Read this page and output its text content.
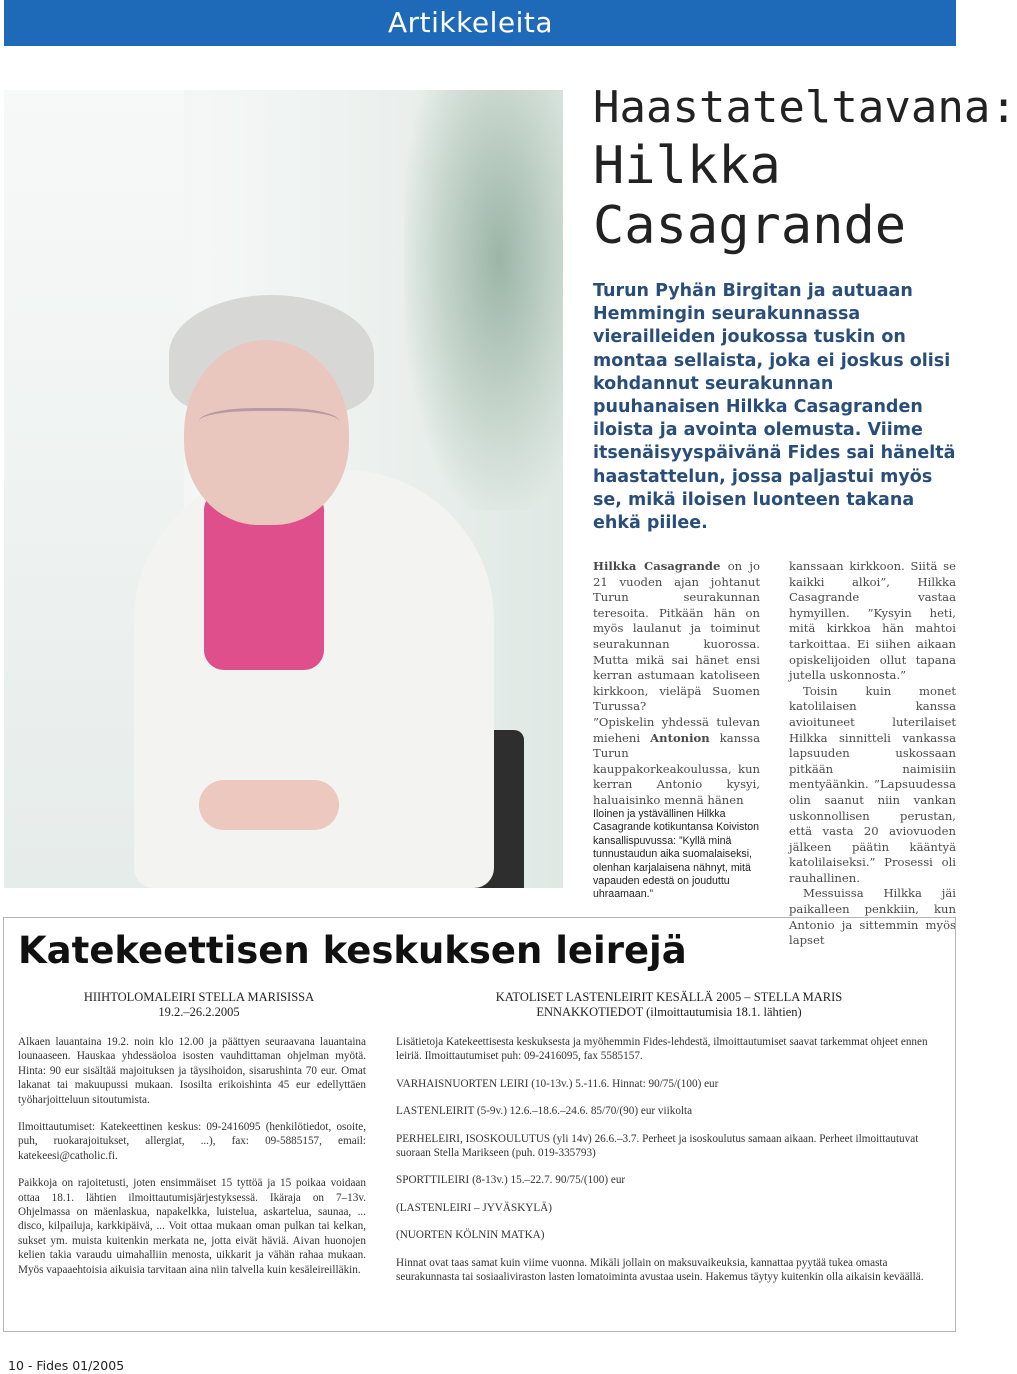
Artikkeleita
Haastateltavana:
Hilkka
Casagrande
Turun Pyhän Birgitan ja autuaan Hemmingin seurakunnassa vierailleiden joukossa tuskin on montaa sellaista, joka ei joskus olisi kohdannut seurakunnan puuhanaisen Hilkka Casagranden iloista ja avointa olemusta. Viime itsenäisyyspäivänä Fides sai häneltä haastattelun, jossa paljastui myös se, mikä iloisen luonteen takana ehkä piilee.

Hilkka Casagrande on jo 21 vuoden ajan johtanut Turun seurakunnan teresoita. Pitkään hän on myös laulanut ja toiminut seurakunnan kuorossa. Mutta mikä sai hänet ensi kerran astumaan katoliseen kirkkoon, vieläpä Suomen Turussa?

”Opiskelin yhdessä tulevan mieheni Antonion kanssa Turun kauppakorkeakoulussa, kun kerran Antonio kysyi, haluaisinko mennä hänen

Iloinen ja ystävällinen Hilkka Casagrande kotikuntansa Koiviston kansallispuvussa: ”Kyllä minä tunnustaudun aika suomalaiseksi, olenhan karjalaisena nähnyt, mitä vapauden edestä on jouduttu uhraamaan.”

kanssaan kirkkoon. Siitä se kaikki alkoi”, Hilkka Casagrande vastaa hymyillen. ”Kysyin heti, mitä kirkkoa hän mahtoi tarkoittaa. Ei siihen aikaan opiskelijoiden ollut tapana jutella uskonnosta.”

Toisin kuin monet katolilaisen kanssa avioituneet luterilaiset Hilkka sinnitteli vankassa lapsuuden uskossaan pitkään naimisiin mentyäänkin. ”Lapsuudessa olin saanut niin vankan uskonnollisen perustan, että vasta 20 aviovuoden jälkeen päätin kääntyä katolilaiseksi.” Prosessi oli rauhallinen.

Messuissa Hilkka jäi paikalleen penkkiin, kun Antonio ja sittemmin myös lapset

Katekeettisen keskuksen leirejä
HIIHTOLOMALEIRI STELLA MARISISSA
19.2.–26.2.2005
KATOLISET LASTENLEIRIT KESÄLLÄ 2005 – STELLA MARIS
ENNAKKOTIEDOT (ilmoittautumisia 18.1. lähtien)

Alkaen lauantaina 19.2. noin klo 12.00 ja päättyen seuraavana lauantaina lounaaseen. Hauskaa yhdessäoloa isosten vauhdittaman ohjelman myötä. Hinta: 90 eur sisältää majoituksen ja täysihoidon, sisarushinta 70 eur. Omat lakanat tai makuupussi mukaan. Isosilta erikoishinta 45 eur edellyttäen työharjoitteluun sitoutumista.

Ilmoittautumiset: Katekeettinen keskus: 09-2416095 (henkilötiedot, osoite, puh, ruokarajoitukset, allergiat, ...), fax: 09-5885157, email: katekeesi@catholic.fi.

Paikkoja on rajoitetusti, joten ensimmäiset 15 tyttöä ja 15 poikaa voidaan ottaa 18.1. lähtien ilmoittautumisjärjestyksessä. Ikäraja on 7–13v. Ohjelmassa on mäenlaskua, napakelkka, luistelua, askartelua, saunaa, ... disco, kilpailuja, karkkipäivä, ... Voit ottaa mukaan oman pulkan tai kelkan, sukset ym. muista kuitenkin merkata ne, jotta eivät häviä. Aivan huonojen kelien takia varaudu uimahalliin menosta, uikkarit ja vähän rahaa mukaan. Myös vapaaehtoisia aikuisia tarvitaan aina niin talvella kuin kesäleireilläkin.

Lisätietoja Katekeettisesta keskuksesta ja myöhemmin Fides-lehdestä, ilmoittautumiset saavat tarkemmat ohjeet ennen leiriä. Ilmoittautumiset puh: 09-2416095, fax 5585157.

VARHAISNUORTEN LEIRI (10-13v.) 5.-11.6. Hinnat: 90/75/(100) eur

LASTENLEIRIT (5-9v.) 12.6.–18.6.–24.6. 85/70/(90) eur viikolta

PERHELEIRI, ISOSKOULUTUS (yli 14v) 26.6.–3.7. Perheet ja isoskoulutus samaan aikaan. Perheet ilmoittautuvat suoraan Stella Marikseen (puh. 019-335793)

SPORTTILEIRI (8-13v.) 15.–22.7. 90/75/(100) eur

(LASTENLEIRI – JYVÄSKYLÄ)

(NUORTEN KÖLNIN MATKA)

Hinnat ovat taas samat kuin viime vuonna. Mikäli jollain on maksuvaikeuksia, kannattaa pyytää tukea omasta seurakunnasta tai sosiaaliviraston lasten lomatoiminta avustaa usein. Hakemus täytyy kuitenkin olla aikaisin keväällä.

10 - Fides 01/2005
